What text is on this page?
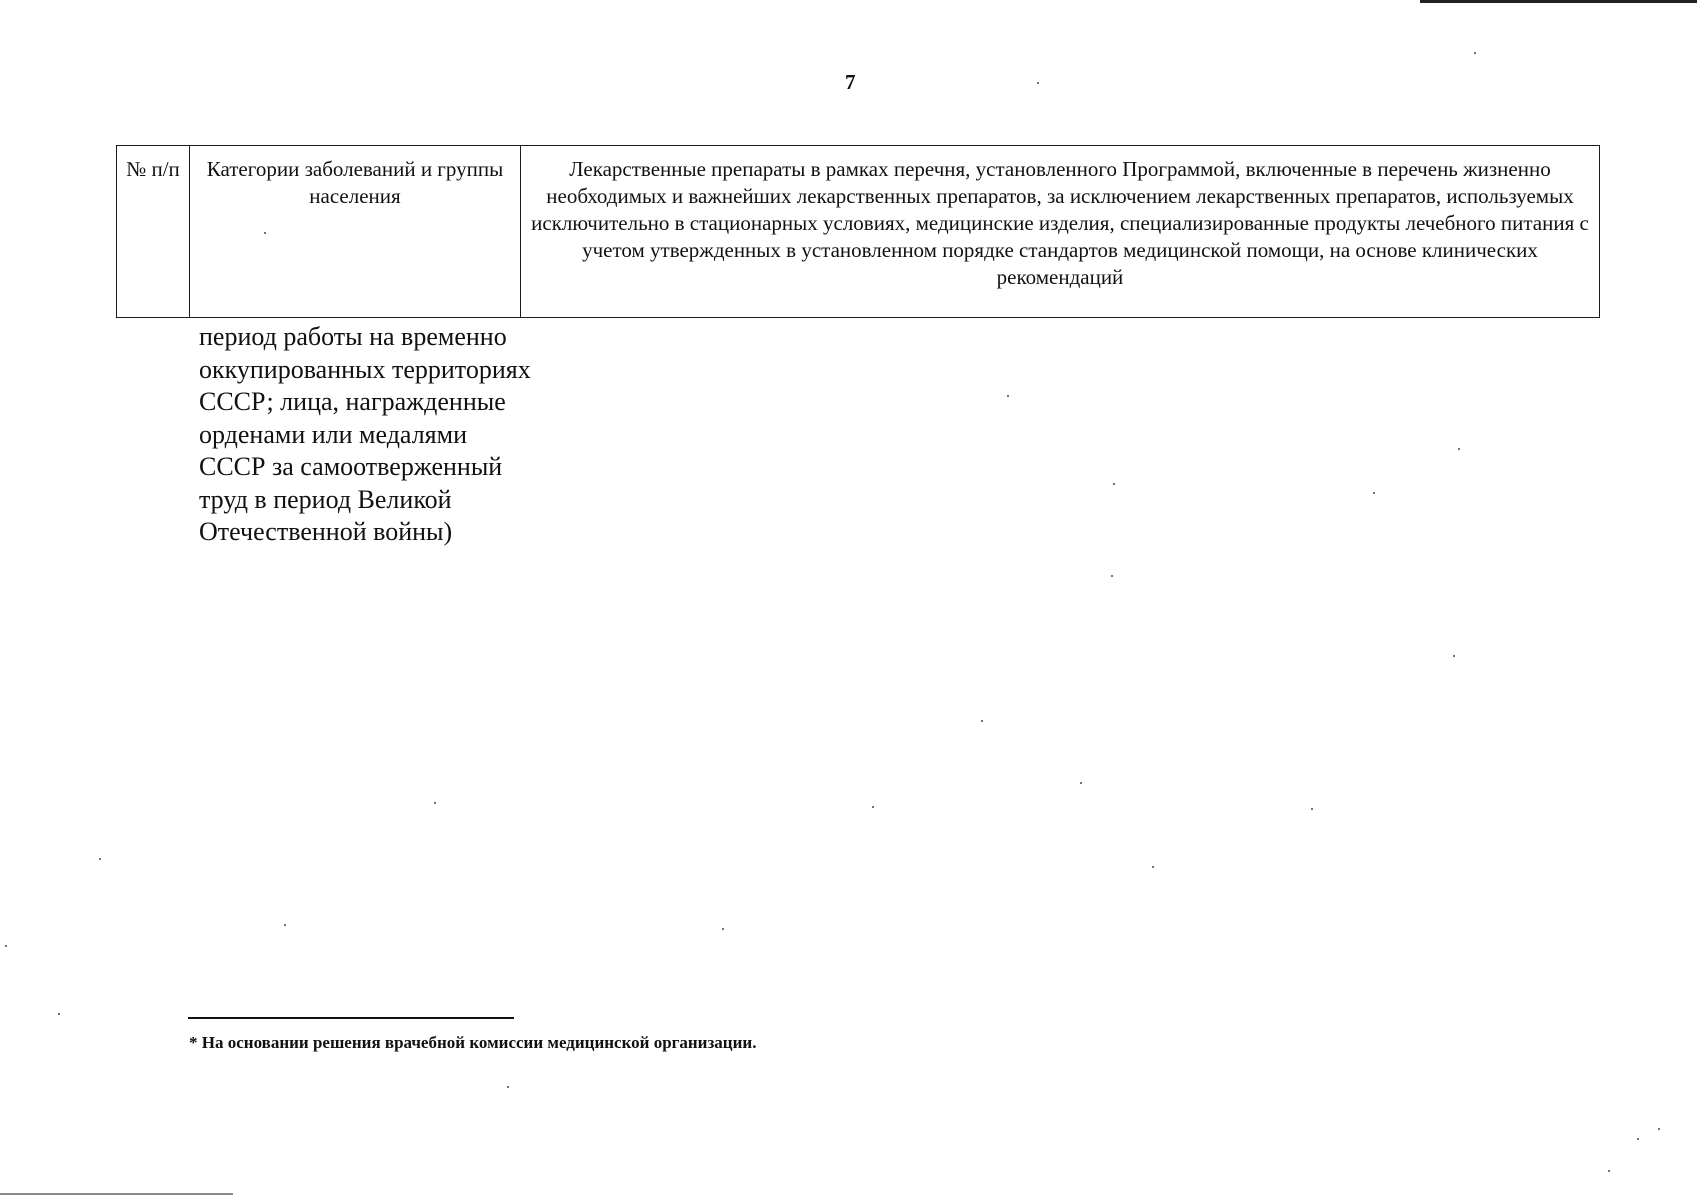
7
№ п/п	Категории заболеваний и группы населения	Лекарственные препараты в рамках перечня, установленного Программой, включенные в перечень жизненно необходимых и важнейших лекарственных препаратов, за исключением лекарственных препаратов, используемых исключительно в стационарных условиях, медицинские изделия, специализированные продукты лечебного питания с учетом утвержденных в установленном порядке стандартов медицинской помощи, на основе клинических рекомендаций

период работы на временно оккупированных территориях СССР; лица, награжденные орденами или медалями СССР за самоотверженный труд в период Великой Отечественной войны)

* На основании решения врачебной комиссии медицинской организации.
